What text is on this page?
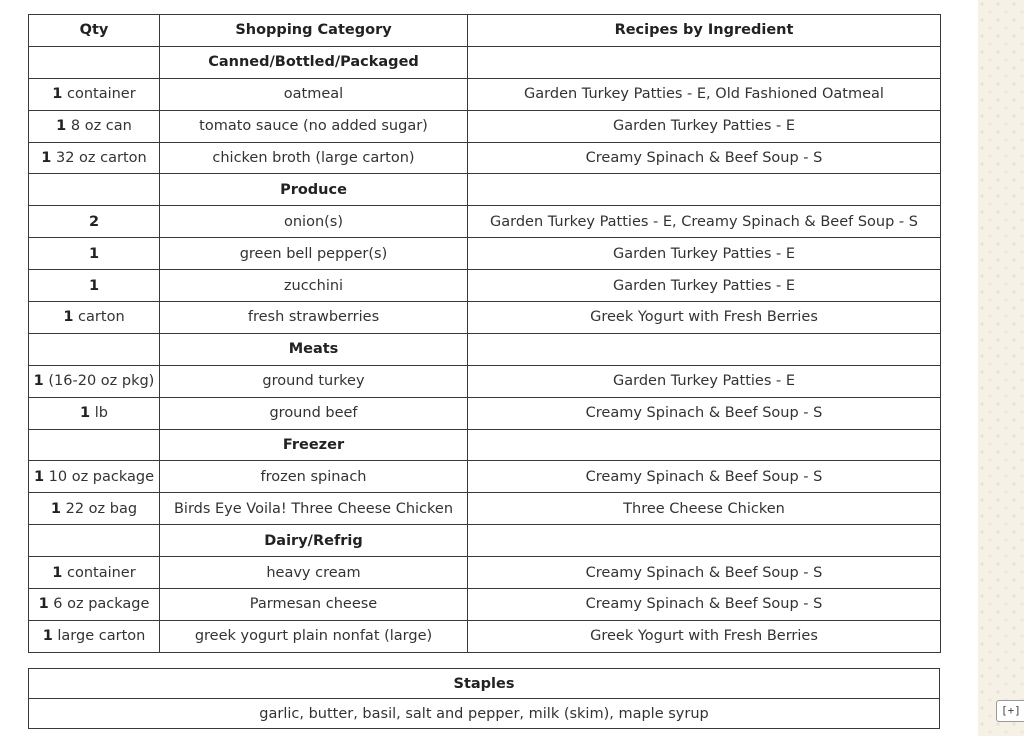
Qty	Shopping Category	Recipes by Ingredient
	Canned/Bottled/Packaged	
1 container	oatmeal	Garden Turkey Patties - E, Old Fashioned Oatmeal
1 8 oz can	tomato sauce (no added sugar)	Garden Turkey Patties - E
1 32 oz carton	chicken broth (large carton)	Creamy Spinach & Beef Soup - S
	Produce	
2	onion(s)	Garden Turkey Patties - E, Creamy Spinach & Beef Soup - S
1	green bell pepper(s)	Garden Turkey Patties - E
1	zucchini	Garden Turkey Patties - E
1 carton	fresh strawberries	Greek Yogurt with Fresh Berries
	Meats	
1 (16-20 oz pkg)	ground turkey	Garden Turkey Patties - E
1 lb	ground beef	Creamy Spinach & Beef Soup - S
	Freezer	
1 10 oz package	frozen spinach	Creamy Spinach & Beef Soup - S
1 22 oz bag	Birds Eye Voila! Three Cheese Chicken	Three Cheese Chicken
	Dairy/Refrig	
1 container	heavy cream	Creamy Spinach & Beef Soup - S
1 6 oz package	Parmesan cheese	Creamy Spinach & Beef Soup - S
1 large carton	greek yogurt plain nonfat (large)	Greek Yogurt with Fresh Berries
Staples
garlic, butter, basil, salt and pepper, milk (skim), maple syrup	[+]
